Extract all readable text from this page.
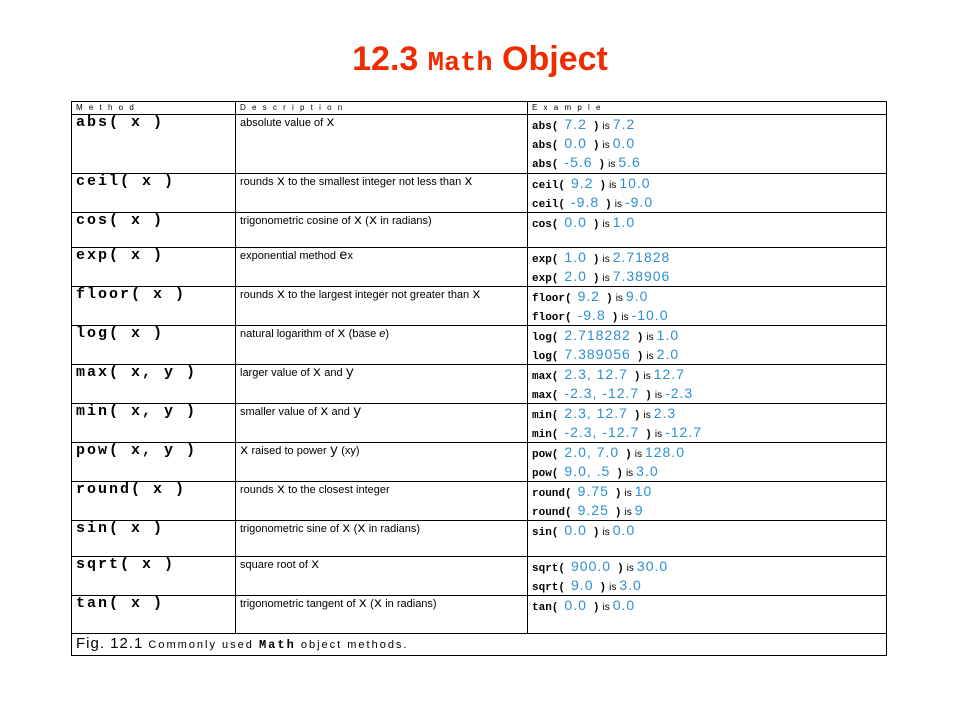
12.3 Math Object
M e t h o d	D e s c r i p t i o n	E x a m p l e
abs( x )	absolute value of x	abs( 7.2 ) is 7.2
abs( 0.0 ) is 0.0
abs( -5.6 ) is 5.6

ceil( x )	rounds x to the smallest integer not less than x	ceil( 9.2 ) is 10.0
ceil( -9.8 ) is -9.0

cos( x )	trigonometric cosine of x (x in radians)	cos( 0.0 ) is 1.0

exp( x )	exponential method ex	exp( 1.0 ) is 2.71828
exp( 2.0 ) is 7.38906

floor( x )	rounds x to the largest integer not greater than x	floor( 9.2 ) is 9.0
floor( -9.8 ) is -10.0

log( x )	natural logarithm of x (base e)	log( 2.718282 ) is 1.0
log( 7.389056 ) is 2.0

max( x, y )	larger value of x and y	max( 2.3, 12.7 ) is 12.7
max( -2.3, -12.7 ) is -2.3

min( x, y )	smaller value of x and y	min( 2.3, 12.7 ) is 2.3
min( -2.3, -12.7 ) is -12.7

pow( x, y )	x raised to power y (xy)	pow( 2.0, 7.0 ) is 128.0
pow( 9.0, .5 ) is 3.0

round( x )	rounds x to the closest integer	round( 9.75 ) is 10
round( 9.25 ) is 9

sin( x )	trigonometric sine of x (x in radians)	sin( 0.0 ) is 0.0

sqrt( x )	square root of x	sqrt( 900.0 ) is 30.0
sqrt( 9.0 ) is 3.0

tan( x )	trigonometric tangent of x (x in radians)	tan( 0.0 ) is 0.0

Fig. 12.1 Commonly used Math object methods.		
